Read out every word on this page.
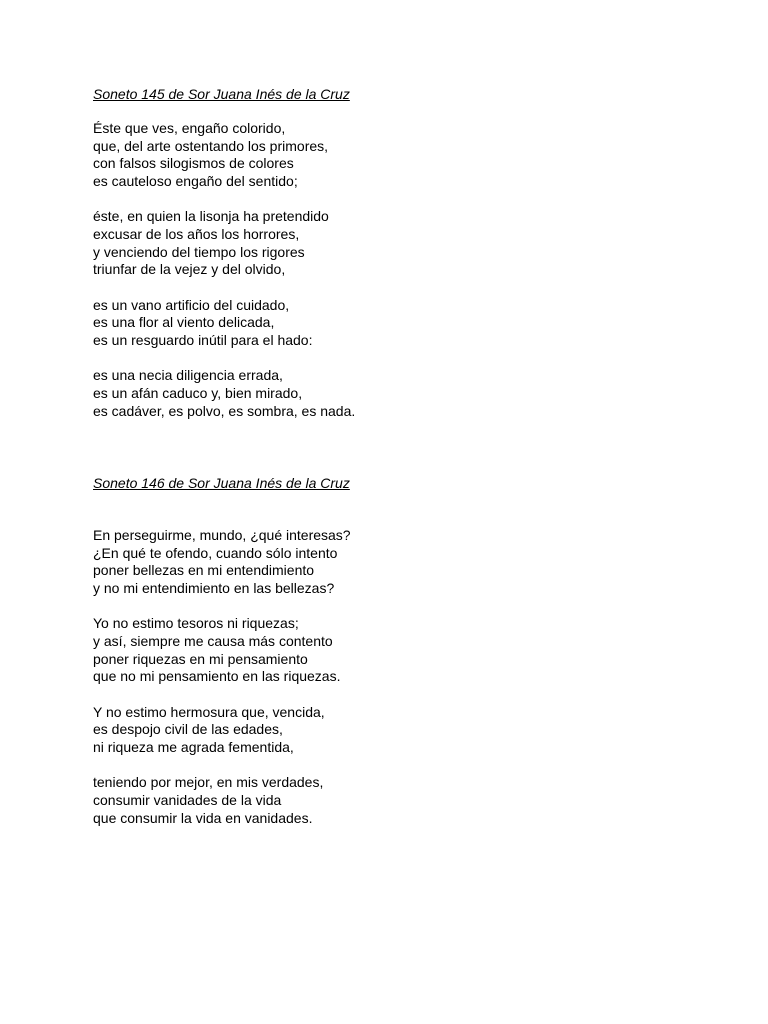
Soneto 145 de Sor Juana Inés de la Cruz

Éste que ves, engaño colorido,
que, del arte ostentando los primores,
con falsos silogismos de colores
es cauteloso engaño del sentido;
éste, en quien la lisonja ha pretendido
excusar de los años los horrores,
y venciendo del tiempo los rigores
triunfar de la vejez y del olvido,
es un vano artificio del cuidado,
es una flor al viento delicada,
es un resguardo inútil para el hado:
es una necia diligencia errada,
es un afán caduco y, bien mirado,
es cadáver, es polvo, es sombra, es nada.

Soneto 146 de Sor Juana Inés de la Cruz

En perseguirme, mundo, ¿qué interesas?
¿En qué te ofendo, cuando sólo intento
poner bellezas en mi entendimiento
y no mi entendimiento en las bellezas?
Yo no estimo tesoros ni riquezas;
y así, siempre me causa más contento
poner riquezas en mi pensamiento
que no mi pensamiento en las riquezas.
Y no estimo hermosura que, vencida,
es despojo civil de las edades,
ni riqueza me agrada fementida,
teniendo por mejor, en mis verdades,
consumir vanidades de la vida
que consumir la vida en vanidades.
